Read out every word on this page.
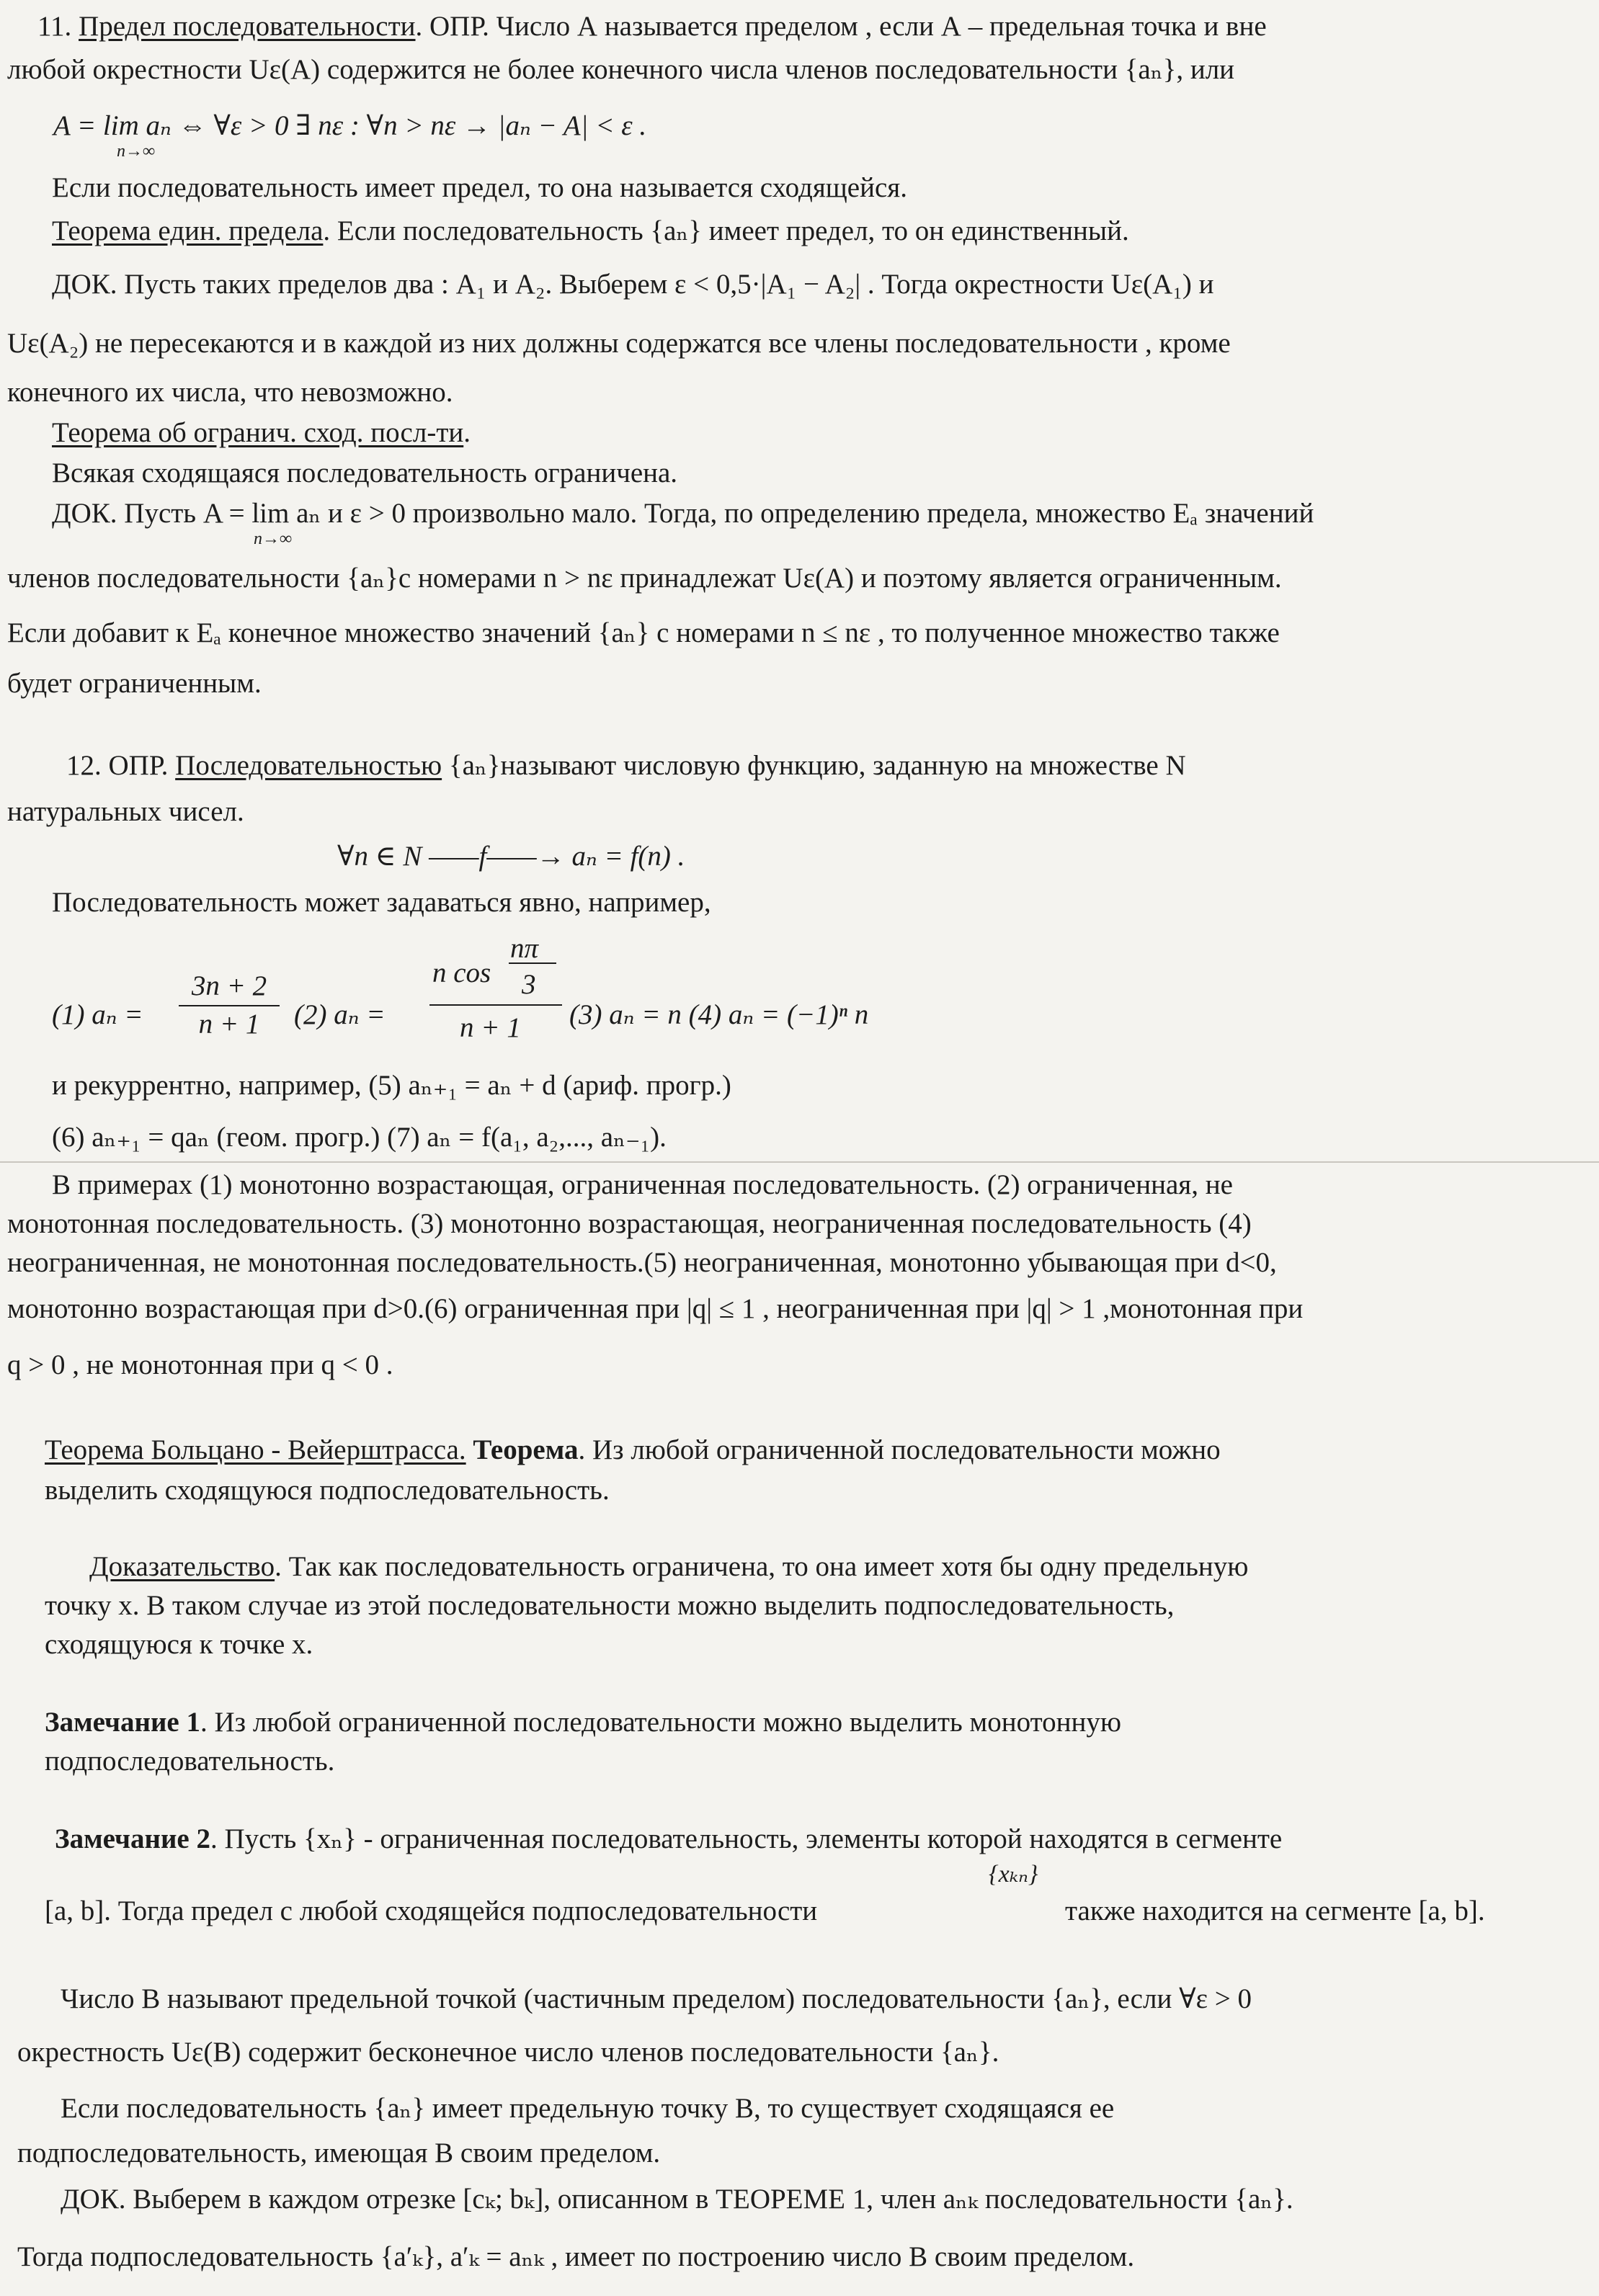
11. Предел последовательности. ОПР. Число А называется пределом , если А – предельная точка и вне
любой окрестности Uε(A) содержится не более конечного числа членов последовательности {aₙ}, или
A = lim aₙ ⇔ ∀ε > 0 ∃ nε : ∀n > nε → |aₙ − A| < ε .
n→∞
Если последовательность имеет предел, то она называется сходящейся.
Теорема един. предела. Если последовательность {aₙ} имеет предел, то он единственный.
ДОК. Пусть таких пределов два : A₁ и A₂. Выберем ε < 0,5·|A₁ − A₂| . Тогда окрестности Uε(A₁) и
Uε(A₂) не пересекаются и в каждой из них должны содержатся все члены последовательности , кроме
конечного их числа, что невозможно.
Теорема об огранич. сход. посл-ти.
Всякая сходящаяся последовательность ограничена.
ДОК. Пусть A = lim aₙ и ε > 0 произвольно мало. Тогда, по определению предела, множество Eₐ значений
n→∞
членов последовательности {aₙ}с номерами n > nε принадлежат Uε(A) и поэтому является ограниченным.
Если добавит к Eₐ конечное множество значений {aₙ} с номерами n ≤ nε , то полученное множество также
будет ограниченным.
12. ОПР. Последовательностью {aₙ}называют числовую функцию, заданную на множестве N
натуральных чисел.
∀n ∈ N ——f——→ aₙ = f(n) .
Последовательность может задаваться явно, например,
(1) aₙ =
3n + 2
n + 1	(2) aₙ =
nπ
n cos 3
n + 1 (3) aₙ = n (4) aₙ = (−1)ⁿ n
и рекуррентно, например, (5) aₙ₊₁ = aₙ + d (ариф. прогр.)
(6) aₙ₊₁ = qaₙ (геом. прогр.) (7) aₙ = f(a₁, a₂,..., aₙ₋₁).
В примерах (1) монотонно возрастающая, ограниченная последовательность. (2) ограниченная, не
монотонная последовательность. (3) монотонно возрастающая, неограниченная последовательность (4)
неограниченная, не монотонная последовательность.(5) неограниченная, монотонно убывающая при d<0,
монотонно возрастающая при d>0.(6) ограниченная при |q| ≤ 1 , неограниченная при |q| > 1 ,монотонная при
q > 0 , не монотонная при q < 0 .
Теорема Больцано - Вейерштрасса. Теорема. Из любой ограниченной последовательности можно
выделить сходящуюся подпоследовательность.
Доказательство. Так как последовательность ограничена, то она имеет хотя бы одну предельную
точку x. В таком случае из этой последовательности можно выделить подпоследовательность,
сходящуюся к точке x.
Замечание 1. Из любой ограниченной последовательности можно выделить монотонную
подпоследовательность.
Замечание 2. Пусть {xₙ} - ограниченная последовательность, элементы которой находятся в сегменте
[a, b]. Тогда предел с любой сходящейся подпоследовательности
{xₖₙ}
также находится на сегменте [a, b].
Число B называют предельной точкой (частичным пределом) последовательности {aₙ}, если ∀ε > 0
окрестность Uε(B) содержит бесконечное число членов последовательности {aₙ}.
Если последовательность {aₙ} имеет предельную точку B, то существует сходящаяся ее
подпоследовательность, имеющая B своим пределом.
ДОК. Выберем в каждом отрезке [cₖ; bₖ], описанном в ТЕОРЕМЕ 1, член aₙₖ последовательности {aₙ}.
Тогда подпоследовательность {a′ₖ}, a′ₖ = aₙₖ , имеет по построению число B своим пределом.
